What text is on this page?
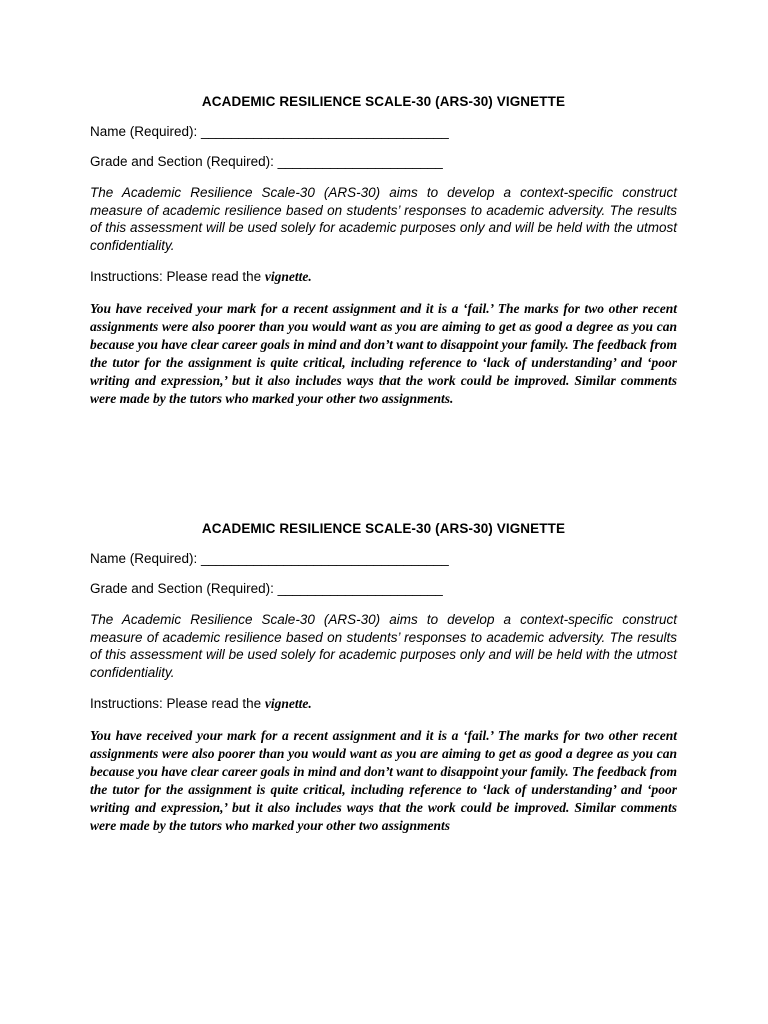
ACADEMIC RESILIENCE SCALE-30 (ARS-30) VIGNETTE
Name (Required): _________________________________
Grade and Section (Required): ______________________
The Academic Resilience Scale-30 (ARS-30) aims to develop a context-specific construct measure of academic resilience based on students’ responses to academic adversity. The results of this assessment will be used solely for academic purposes only and will be held with the utmost confidentiality.
Instructions: Please read the vignette.
You have received your mark for a recent assignment and it is a ‘fail.’ The marks for two other recent assignments were also poorer than you would want as you are aiming to get as good a degree as you can because you have clear career goals in mind and don’t want to disappoint your family. The feedback from the tutor for the assignment is quite critical, including reference to ‘lack of understanding’ and ‘poor writing and expression,’ but it also includes ways that the work could be improved. Similar comments were made by the tutors who marked your other two assignments.
ACADEMIC RESILIENCE SCALE-30 (ARS-30) VIGNETTE
Name (Required): _________________________________
Grade and Section (Required): ______________________
The Academic Resilience Scale-30 (ARS-30) aims to develop a context-specific construct measure of academic resilience based on students’ responses to academic adversity. The results of this assessment will be used solely for academic purposes only and will be held with the utmost confidentiality.
Instructions: Please read the vignette.
You have received your mark for a recent assignment and it is a ‘fail.’ The marks for two other recent assignments were also poorer than you would want as you are aiming to get as good a degree as you can because you have clear career goals in mind and don’t want to disappoint your family. The feedback from the tutor for the assignment is quite critical, including reference to ‘lack of understanding’ and ‘poor writing and expression,’ but it also includes ways that the work could be improved. Similar comments were made by the tutors who marked your other two assignments
